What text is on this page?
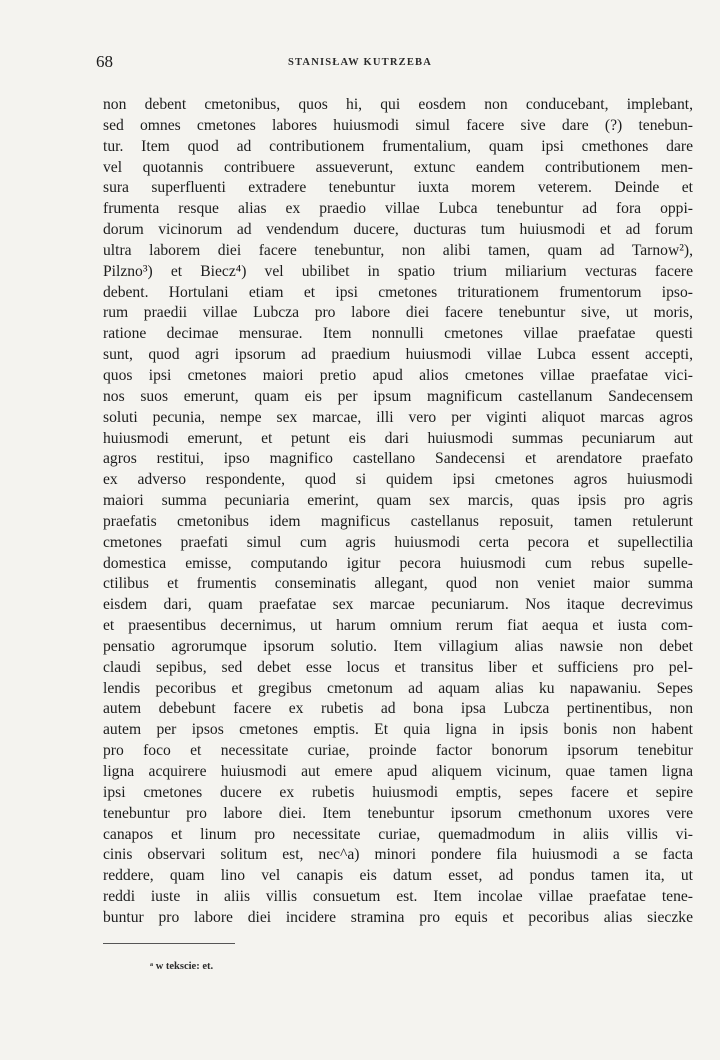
68	STANISŁAW KUTRZEBA
non debent cmetonibus, quos hi, qui eosdem non conducebant, implebant,
sed omnes cmetones labores huiusmodi simul facere sive dare (?) tenebun-
tur. Item quod ad contributionem frumentalium, quam ipsi cmethones dare
vel quotannis contribuere assueverunt, extunc eandem contributionem men-
sura superfluenti extradere tenebuntur iuxta morem veterem. Deinde et
frumenta resque alias ex praedio villae Lubca tenebuntur ad fora oppi-
dorum vicinorum ad vendendum ducere, ducturas tum huiusmodi et ad forum
ultra laborem diei facere tenebuntur, non alibi tamen, quam ad Tarnow²),
Pilzno³) et Biecz⁴) vel ubilibet in spatio trium miliarium vecturas facere
debent. Hortulani etiam et ipsi cmetones triturationem frumentorum ipso-
rum praedii villae Lubcza pro labore diei facere tenebuntur sive, ut moris,
ratione decimae mensurae. Item nonnulli cmetones villae praefatae questi
sunt, quod agri ipsorum ad praedium huiusmodi villae Lubca essent accepti,
quos ipsi cmetones maiori pretio apud alios cmetones villae praefatae vici-
nos suos emerunt, quam eis per ipsum magnificum castellanum Sandecensem
soluti pecunia, nempe sex marcae, illi vero per viginti aliquot marcas agros
huiusmodi emerunt, et petunt eis dari huiusmodi summas pecuniarum aut
agros restitui, ipso magnifico castellano Sandecensi et arendatore praefato
ex adverso respondente, quod si quidem ipsi cmetones agros huiusmodi
maiori summa pecuniaria emerint, quam sex marcis, quas ipsis pro agris
praefatis cmetonibus idem magnificus castellanus reposuit, tamen retulerunt
cmetones praefati simul cum agris huiusmodi certa pecora et supellectilia
domestica emisse, computando igitur pecora huiusmodi cum rebus supelle-
ctilibus et frumentis conseminatis allegant, quod non veniet maior summa
eisdem dari, quam praefatae sex marcae pecuniarum. Nos itaque decrevimus
et praesentibus decernimus, ut harum omnium rerum fiat aequa et iusta com-
pensatio agrorumque ipsorum solutio. Item villagium alias nawsie non debet
claudi sepibus, sed debet esse locus et transitus liber et sufficiens pro pel-
lendis pecoribus et gregibus cmetonum ad aquam alias ku napawaniu. Sepes
autem debebunt facere ex rubetis ad bona ipsa Lubcza pertinentibus, non
autem per ipsos cmetones emptis. Et quia ligna in ipsis bonis non habent
pro foco et necessitate curiae, proinde factor bonorum ipsorum tenebitur
ligna acquirere huiusmodi aut emere apud aliquem vicinum, quae tamen ligna
ipsi cmetones ducere ex rubetis huiusmodi emptis, sepes facere et sepire
tenebuntur pro labore diei. Item tenebuntur ipsorum cmethonum uxores vere
canapos et linum pro necessitate curiae, quemadmodum in aliis villis vi-
cinis observari solitum est, nec^a) minori pondere fila huiusmodi a se facta
reddere, quam lino vel canapis eis datum esset, ad pondus tamen ita, ut
reddi iuste in aliis villis consuetum est. Item incolae villae praefatae tene-
buntur pro labore diei incidere stramina pro equis et pecoribus alias sieczke
ᵃ w tekscie: et.
